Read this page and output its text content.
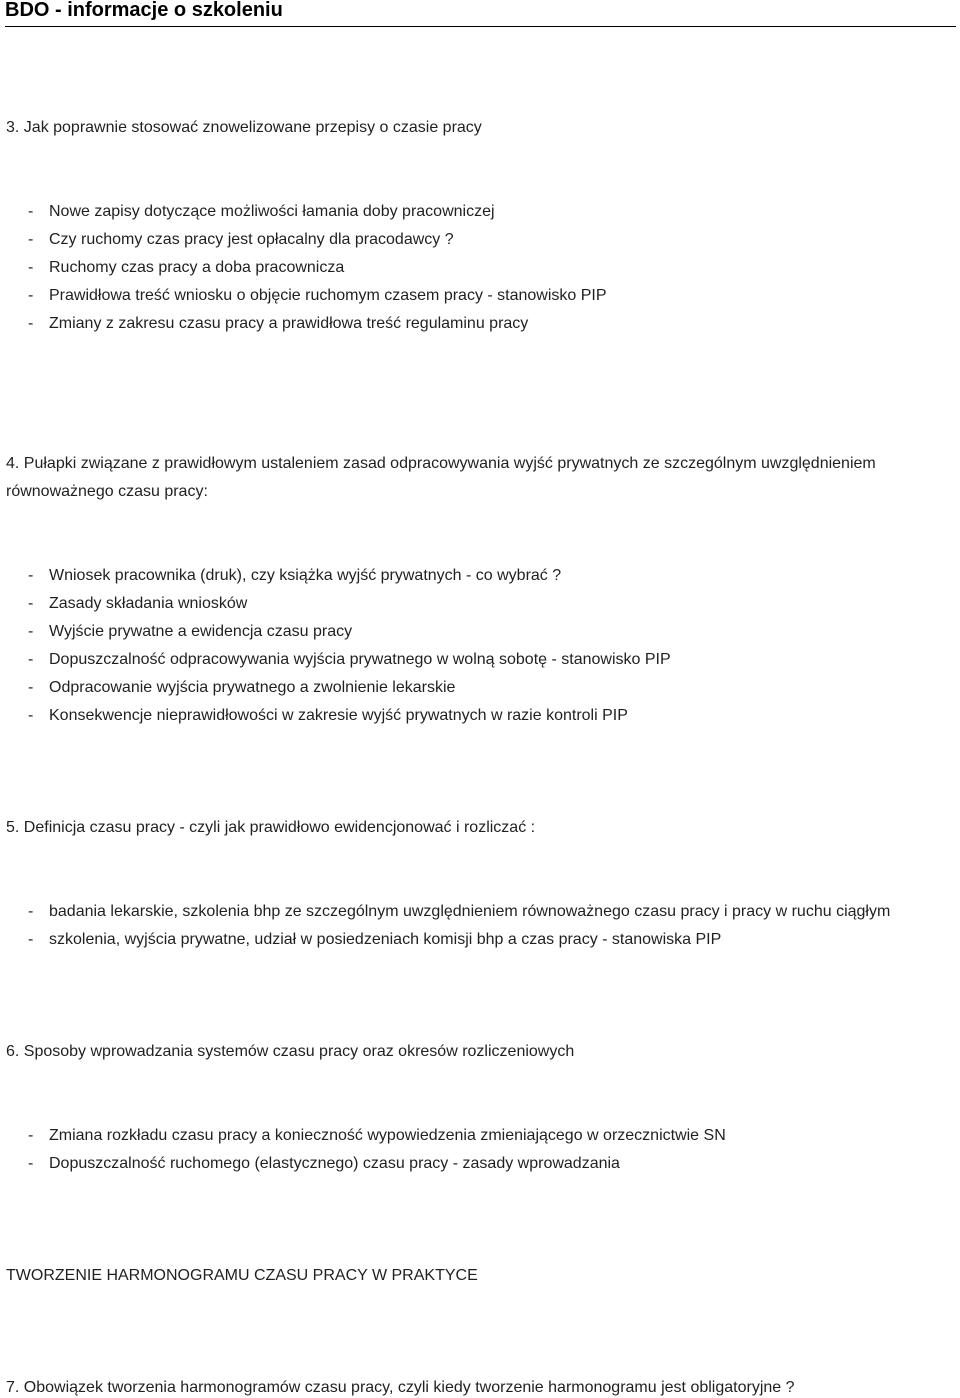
BDO - informacje o szkoleniu

3. Jak poprawnie stosować znowelizowane przepisy o czasie pracy

- Nowe zapisy dotyczące możliwości łamania doby pracowniczej
- Czy ruchomy czas pracy jest opłacalny dla pracodawcy ?
- Ruchomy czas pracy a doba pracownicza
- Prawidłowa treść wniosku o objęcie ruchomym czasem pracy - stanowisko PIP
- Zmiany z zakresu czasu pracy a prawidłowa treść regulaminu pracy

4. Pułapki związane z prawidłowym ustaleniem zasad odpracowywania wyjść prywatnych ze szczególnym uwzględnieniem

równoważnego czasu pracy:

- Wniosek pracownika (druk), czy książka wyjść prywatnych - co wybrać ?
- Zasady składania wniosków
- Wyjście prywatne a ewidencja czasu pracy
- Dopuszczalność odpracowywania wyjścia prywatnego w wolną sobotę - stanowisko PIP
- Odpracowanie wyjścia prywatnego a zwolnienie lekarskie
- Konsekwencje nieprawidłowości w zakresie wyjść prywatnych w razie kontroli PIP

5. Definicja czasu pracy - czyli jak prawidłowo ewidencjonować i rozliczać :

- badania lekarskie, szkolenia bhp ze szczególnym uwzględnieniem równoważnego czasu pracy i pracy w ruchu ciągłym
- szkolenia, wyjścia prywatne, udział w posiedzeniach komisji bhp a czas pracy - stanowiska PIP

6. Sposoby wprowadzania systemów czasu pracy oraz okresów rozliczeniowych

- Zmiana rozkładu czasu pracy a konieczność wypowiedzenia zmieniającego w orzecznictwie SN
- Dopuszczalność ruchomego (elastycznego) czasu pracy - zasady wprowadzania

TWORZENIE HARMONOGRAMU CZASU PRACY W PRAKTYCE

7. Obowiązek tworzenia harmonogramów czasu pracy, czyli kiedy tworzenie harmonogramu jest obligatoryjne ?
